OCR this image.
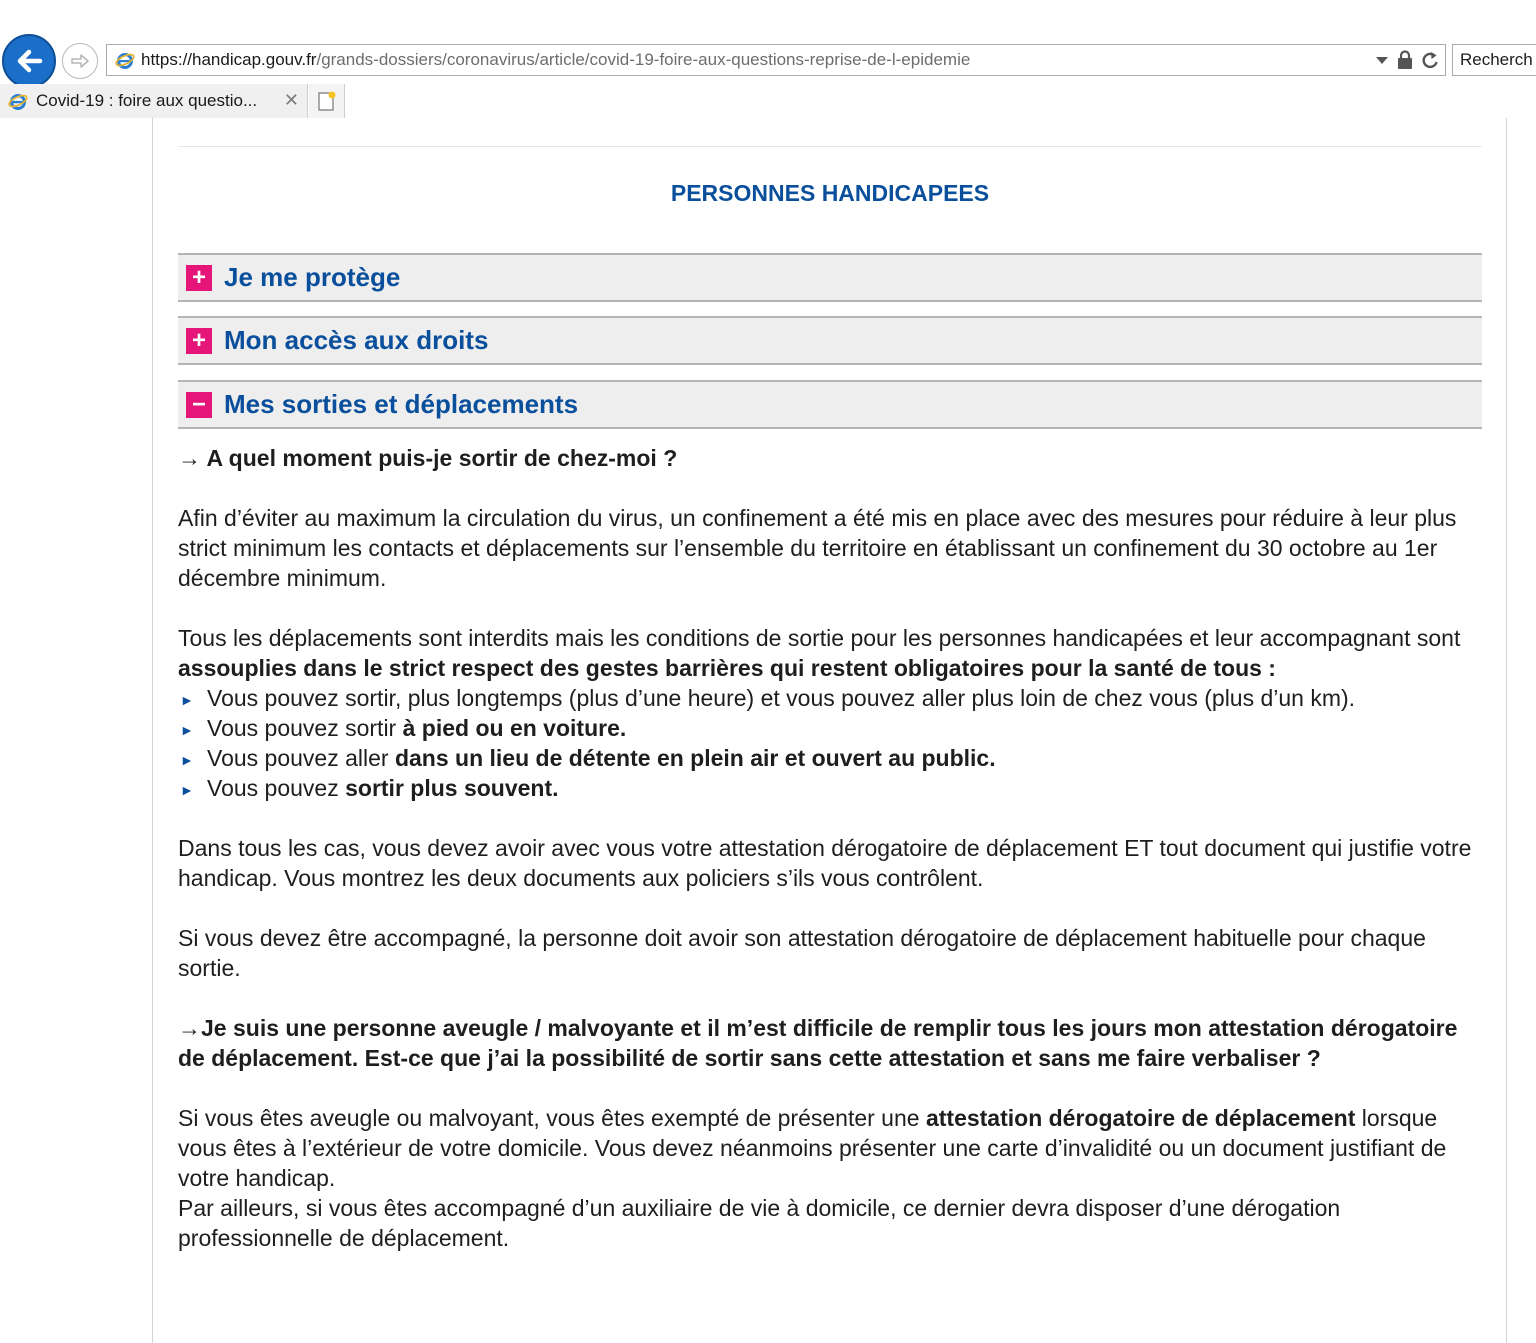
https://handicap.gouv.fr/grands-dossiers/coronavirus/article/covid-19-foire-aux-questions-reprise-de-l-epidemie	Recherch
Covid-19 : foire aux questio... ✕
PERSONNES HANDICAPEES
+ Je me protège
+ Mon accès aux droits
− Mes sorties et déplacements

→ A quel moment puis-je sortir de chez-moi ?

Afin d’éviter au maximum la circulation du virus, un confinement a été mis en place avec des mesures pour réduire à leur plus strict minimum les contacts et déplacements sur l’ensemble du territoire en établissant un confinement du 30 octobre au 1er décembre minimum.

Tous les déplacements sont interdits mais les conditions de sortie pour les personnes handicapées et leur accompagnant sont assouplies dans le strict respect des gestes barrières qui restent obligatoires pour la santé de tous :

► Vous pouvez sortir, plus longtemps (plus d’une heure) et vous pouvez aller plus loin de chez vous (plus d’un km).
► Vous pouvez sortir à pied ou en voiture.
► Vous pouvez aller dans un lieu de détente en plein air et ouvert au public.
► Vous pouvez sortir plus souvent.

Dans tous les cas, vous devez avoir avec vous votre attestation dérogatoire de déplacement ET tout document qui justifie votre handicap. Vous montrez les deux documents aux policiers s’ils vous contrôlent.

Si vous devez être accompagné, la personne doit avoir son attestation dérogatoire de déplacement habituelle pour chaque sortie.

→Je suis une personne aveugle / malvoyante et il m’est difficile de remplir tous les jours mon attestation dérogatoire de déplacement. Est-ce que j’ai la possibilité de sortir sans cette attestation et sans me faire verbaliser ?

Si vous êtes aveugle ou malvoyant, vous êtes exempté de présenter une attestation dérogatoire de déplacement lorsque vous êtes à l’extérieur de votre domicile. Vous devez néanmoins présenter une carte d’invalidité ou un document justifiant de votre handicap.

Par ailleurs, si vous êtes accompagné d’un auxiliaire de vie à domicile, ce dernier devra disposer d’une dérogation professionnelle de déplacement.
